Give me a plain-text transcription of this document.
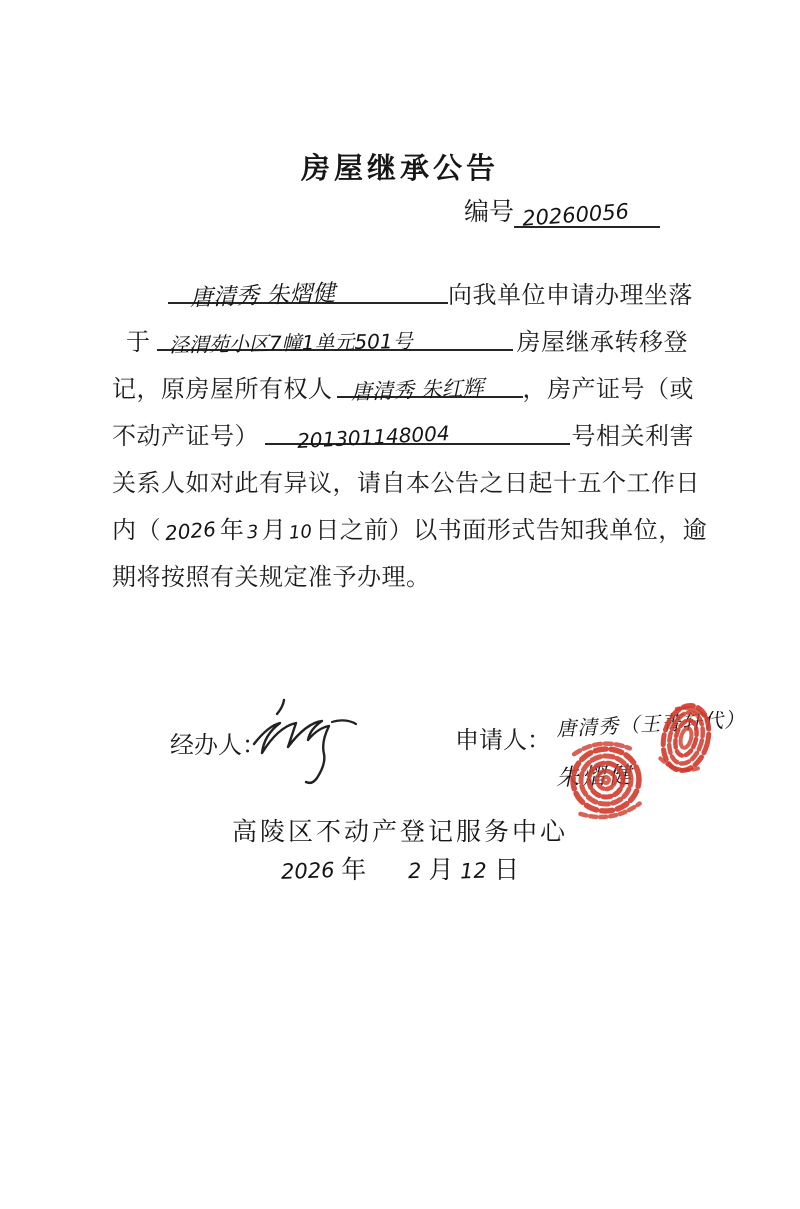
房屋继承公告
编号 20260056
唐清秀 朱熠健	向我单位申请办理坐落
于 泾渭苑小区7幢1单元501号	房屋继承转移登
记，原房屋所有权人 唐清秀 朱红辉	，房产证号（或
不动产证号）	201301148004	号相关利害
关系人如对此有异议，请自本公告之日起十五个工作日
内（ 2026 年 3 月 10 日之前）以书面形式告知我单位，逾
期将按照有关规定准予办理。
经办人：	申请人： 唐清秀（王菁轩代）
朱熠健
高陵区不动产登记服务中心
2026 年 2 月 12 日
